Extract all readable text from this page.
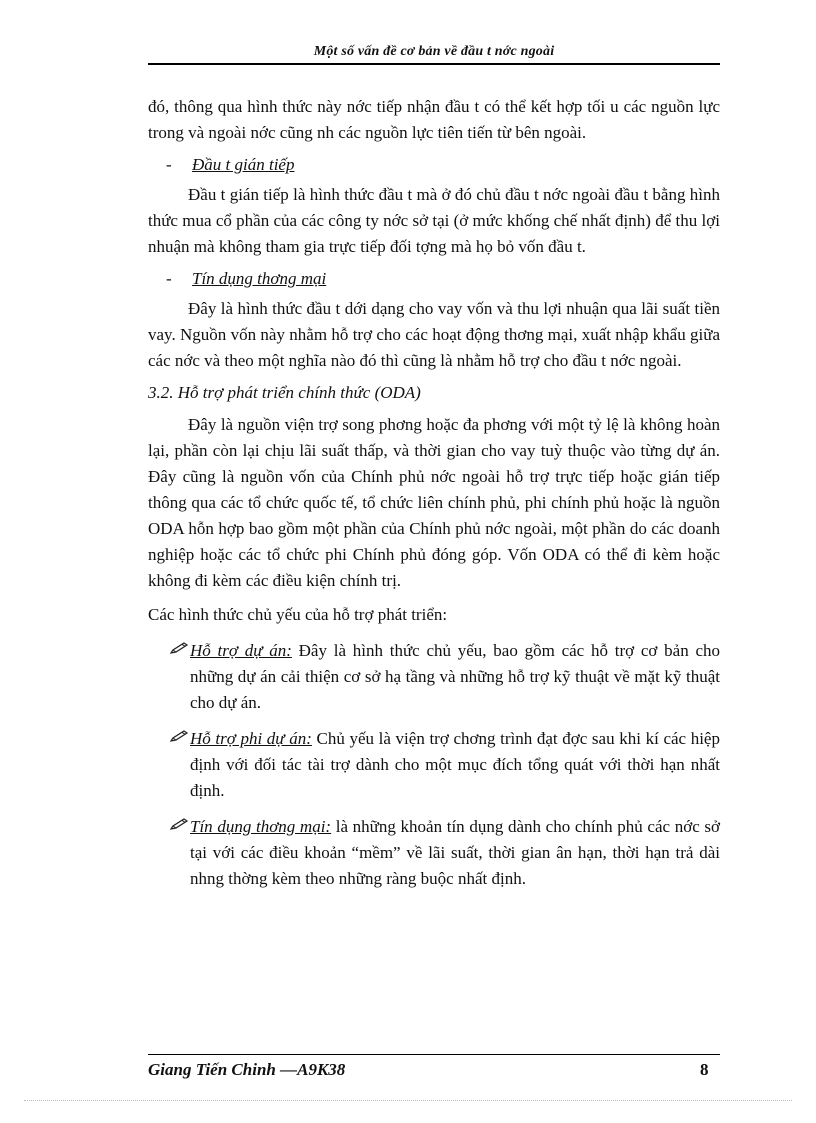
Một số vấn đề cơ bản về đầu t nớc ngoài

đó, thông qua hình thức này nớc tiếp nhận đầu t có thể kết hợp tối u các nguồn lực trong và ngoài nớc cũng nh các nguồn lực tiên tiến từ bên ngoài.

- Đầu t gián tiếp

Đầu t gián tiếp là hình thức đầu t mà ở đó chủ đầu t nớc ngoài đầu t bằng hình thức mua cổ phần của các công ty nớc sở tại (ở mức khống chế nhất định) để thu lợi nhuận mà không tham gia trực tiếp đối tợng mà họ bỏ vốn đầu t.

- Tín dụng thơng mại

Đây là hình thức đầu t dới dạng cho vay vốn và thu lợi nhuận qua lãi suất tiền vay. Nguồn vốn này nhằm hỗ trợ cho các hoạt động thơng mại, xuất nhập khẩu giữa các nớc và theo một nghĩa nào đó thì cũng là nhằm hỗ trợ cho đầu t nớc ngoài.

3.2. Hỗ trợ phát triển chính thức (ODA)

Đây là nguồn viện trợ song phơng hoặc đa phơng với một tỷ lệ là không hoàn lại, phần còn lại chịu lãi suất thấp, và thời gian cho vay tuỳ thuộc vào từng dự án. Đây cũng là nguồn vốn của Chính phủ nớc ngoài hỗ trợ trực tiếp hoặc gián tiếp thông qua các tổ chức quốc tế, tổ chức liên chính phủ, phi chính phủ hoặc là nguồn ODA hỗn hợp bao gồm một phần của Chính phủ nớc ngoài, một phần do các doanh nghiệp hoặc các tổ chức phi Chính phủ đóng góp. Vốn ODA có thể đi kèm hoặc không đi kèm các điều kiện chính trị.

Các hình thức chủ yếu của hỗ trợ phát triển:

Hỗ trợ dự án: Đây là hình thức chủ yếu, bao gồm các hỗ trợ cơ bản cho những dự án cải thiện cơ sở hạ tầng và những hỗ trợ kỹ thuật về mặt kỹ thuật cho dự án.
Hỗ trợ phi dự án: Chủ yếu là viện trợ chơng trình đạt đợc sau khi kí các hiệp định với đối tác tài trợ dành cho một mục đích tổng quát với thời hạn nhất định.
Tín dụng thơng mại: là những khoản tín dụng dành cho chính phủ các nớc sở tại với các điều khoản “mềm” về lãi suất, thời gian ân hạn, thời hạn trả dài nhng thờng kèm theo những ràng buộc nhất định.
Giang Tiến Chinh —A9K38	8
